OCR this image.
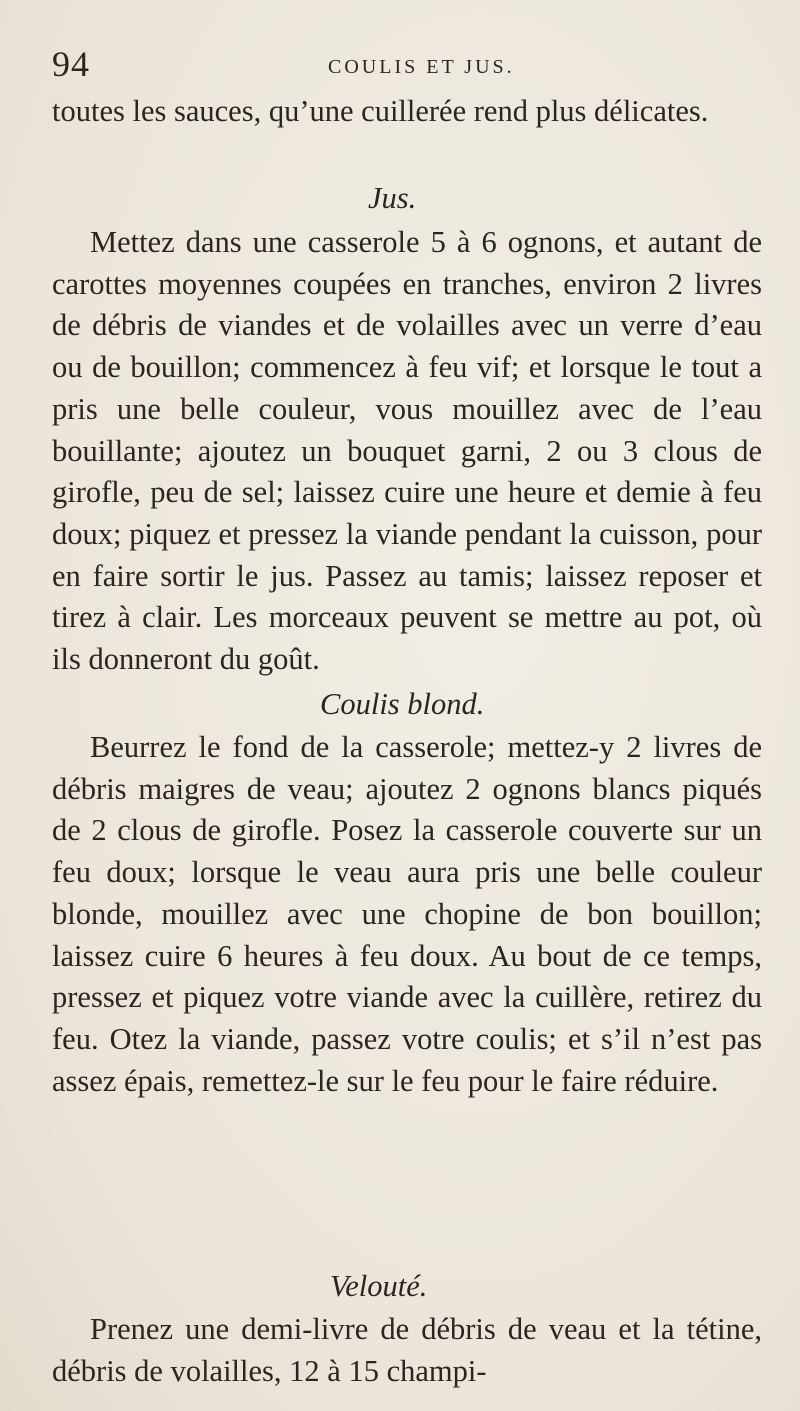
94	COULIS ET JUS.

toutes les sauces, qu’une cuillerée rend plus délicates.

Jus.

Mettez dans une casserole 5 à 6 ognons, et autant de carottes moyennes coupées en tranches, environ 2 livres de débris de viandes et de volailles avec un verre d’eau ou de bouillon; commencez à feu vif; et lorsque le tout a pris une belle couleur, vous mouillez avec de l’eau bouillante; ajoutez un bouquet garni, 2 ou 3 clous de girofle, peu de sel; laissez cuire une heure et demie à feu doux; piquez et pressez la viande pendant la cuisson, pour en faire sortir le jus. Passez au tamis; laissez reposer et tirez à clair. Les morceaux peuvent se mettre au pot, où ils donneront du goût.

Coulis blond.

Beurrez le fond de la casserole; mettez-y 2 livres de débris maigres de veau; ajoutez 2 ognons blancs piqués de 2 clous de girofle. Posez la casserole couverte sur un feu doux; lorsque le veau aura pris une belle couleur blonde, mouillez avec une chopine de bon bouillon; laissez cuire 6 heures à feu doux. Au bout de ce temps, pressez et piquez votre viande avec la cuillère, retirez du feu. Otez la viande, passez votre coulis; et s’il n’est pas assez épais, remettez-le sur le feu pour le faire réduire.

Velouté.

Prenez une demi-livre de débris de veau et la tétine, débris de volailles, 12 à 15 champi-
